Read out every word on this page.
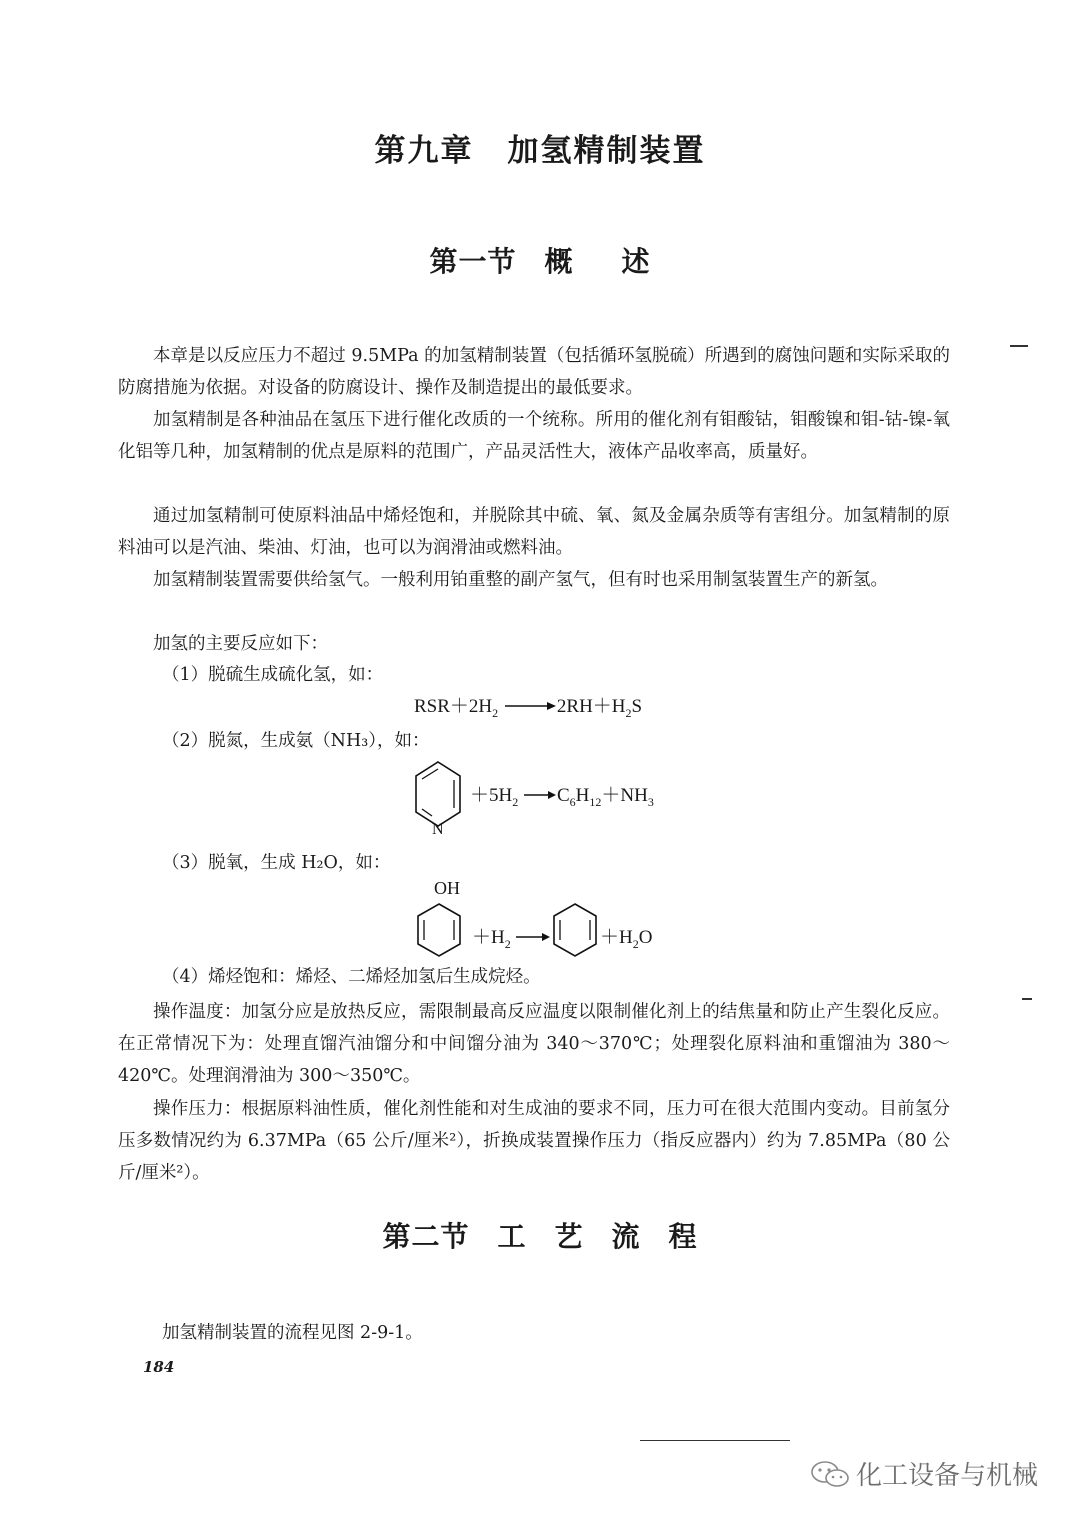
第九章 加氢精制装置
第一节 概 述
本章是以反应压力不超过 9.5MPa 的加氢精制装置（包括循环氢脱硫）所遇到的腐蚀问题和实际采取的防腐措施为依据。对设备的防腐设计、操作及制造提出的最低要求。
加氢精制是各种油品在氢压下进行催化改质的一个统称。所用的催化剂有钼酸钴，钼酸镍和钼-钴-镍-氧化铝等几种，加氢精制的优点是原料的范围广，产品灵活性大，液体产品收率高，质量好。
通过加氢精制可使原料油品中烯烃饱和，并脱除其中硫、氧、氮及金属杂质等有害组分。加氢精制的原料油可以是汽油、柴油、灯油，也可以为润滑油或燃料油。
加氢精制装置需要供给氢气。一般利用铂重整的副产氢气，但有时也采用制氢装置生产的新氢。
加氢的主要反应如下：
（1）脱硫生成硫化氢，如：
$RSR+2H_2$	$2RH+H_2S$
（2）脱氮，生成氨（NH₃），如：
N
$+5H_2$ $C_6H_{12}+NH_3$
（3）脱氧，生成 H₂O，如：
OH
$+H_2$	$+H_2O$
（4）烯烃饱和：烯烃、二烯烃加氢后生成烷烃。
操作温度：加氢分应是放热反应，需限制最高反应温度以限制催化剂上的结焦量和防止产生裂化反应。在正常情况下为：处理直馏汽油馏分和中间馏分油为 340～370℃；处理裂化原料油和重馏油为 380～420℃。处理润滑油为 300～350℃。
操作压力：根据原料油性质，催化剂性能和对生成油的要求不同，压力可在很大范围内变动。目前氢分压多数情况约为 6.37MPa（65 公斤/厘米²），折换成装置操作压力（指反应器内）约为 7.85MPa（80 公斤/厘米²）。
第二节 工 艺 流 程
加氢精制装置的流程见图 2-9-1。
184
化工设备与机械
